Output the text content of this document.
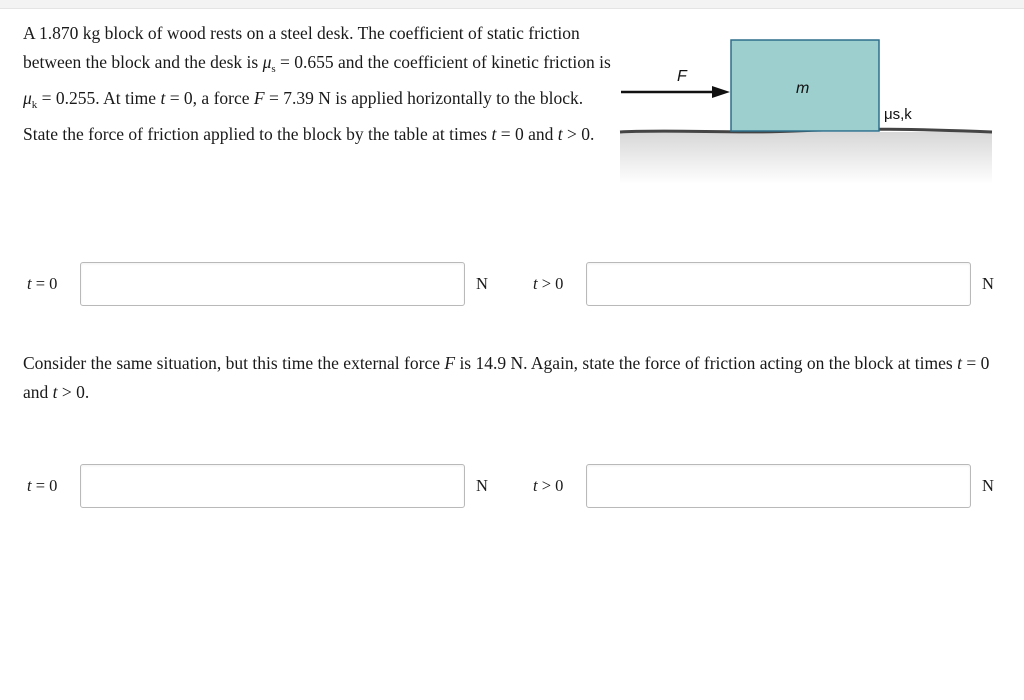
A 1.870 kg block of wood rests on a steel desk. The coefficient of static friction between the block and the desk is $\mu_s = 0.655$ and the coefficient of kinetic friction is $\mu_k = 0.255$. At time t = 0, a force F = 7.39 N is applied horizontally to the block. State the force of friction applied to the block by the table at times t = 0 and t > 0.

F
m
μs,k
t = 0	N	t > 0	N

Consider the same situation, but this time the external force F is 14.9 N. Again, state the force of friction acting on the block at times t = 0 and t > 0.

t = 0	N	t > 0	N
